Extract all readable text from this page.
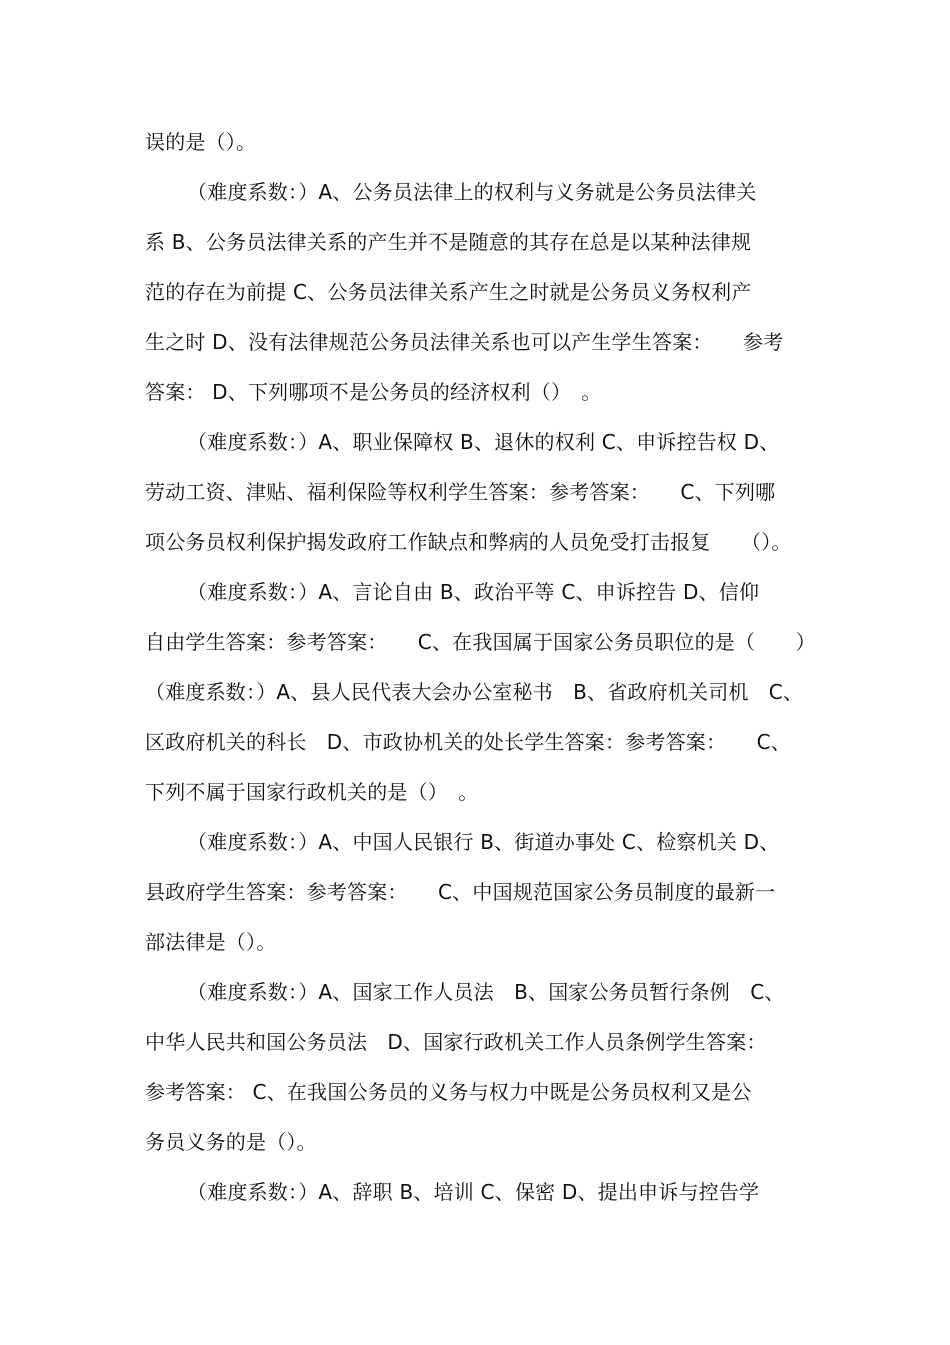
误的是（）。
（难度系数：）A、公务员法律上的权利与义务就是公务员法律关
系 B、公务员法律关系的产生并不是随意的其存在总是以某种法律规
范的存在为前提 C、公务员法律关系产生之时就是公务员义务权利产
生之时 D、没有法律规范公务员法律关系也可以产生学生答案：　　参考
答案： D、下列哪项不是公务员的经济权利（）　。
（难度系数：）A、职业保障权 B、退休的权利 C、申诉控告权 D、
劳动工资、津贴、福利保险等权利学生答案：参考答案：　　C、下列哪
项公务员权利保护揭发政府工作缺点和弊病的人员免受打击报复　　（）。
（难度系数：）A、言论自由 B、政治平等 C、申诉控告 D、信仰
自由学生答案：参考答案：　　C、在我国属于国家公务员职位的是（　　）
（难度系数：）A、县人民代表大会办公室秘书　B、省政府机关司机　C、
区政府机关的科长　D、市政协机关的处长学生答案：参考答案：　　C、
下列不属于国家行政机关的是（）　。
（难度系数：）A、中国人民银行 B、街道办事处 C、检察机关 D、
县政府学生答案：参考答案：　　C、中国规范国家公务员制度的最新一
部法律是（）。
（难度系数：）A、国家工作人员法　B、国家公务员暂行条例　C、
中华人民共和国公务员法　D、国家行政机关工作人员条例学生答案：
参考答案： C、在我国公务员的义务与权力中既是公务员权利又是公
务员义务的是（）。
（难度系数：）A、辞职 B、培训 C、保密 D、提出申诉与控告学
